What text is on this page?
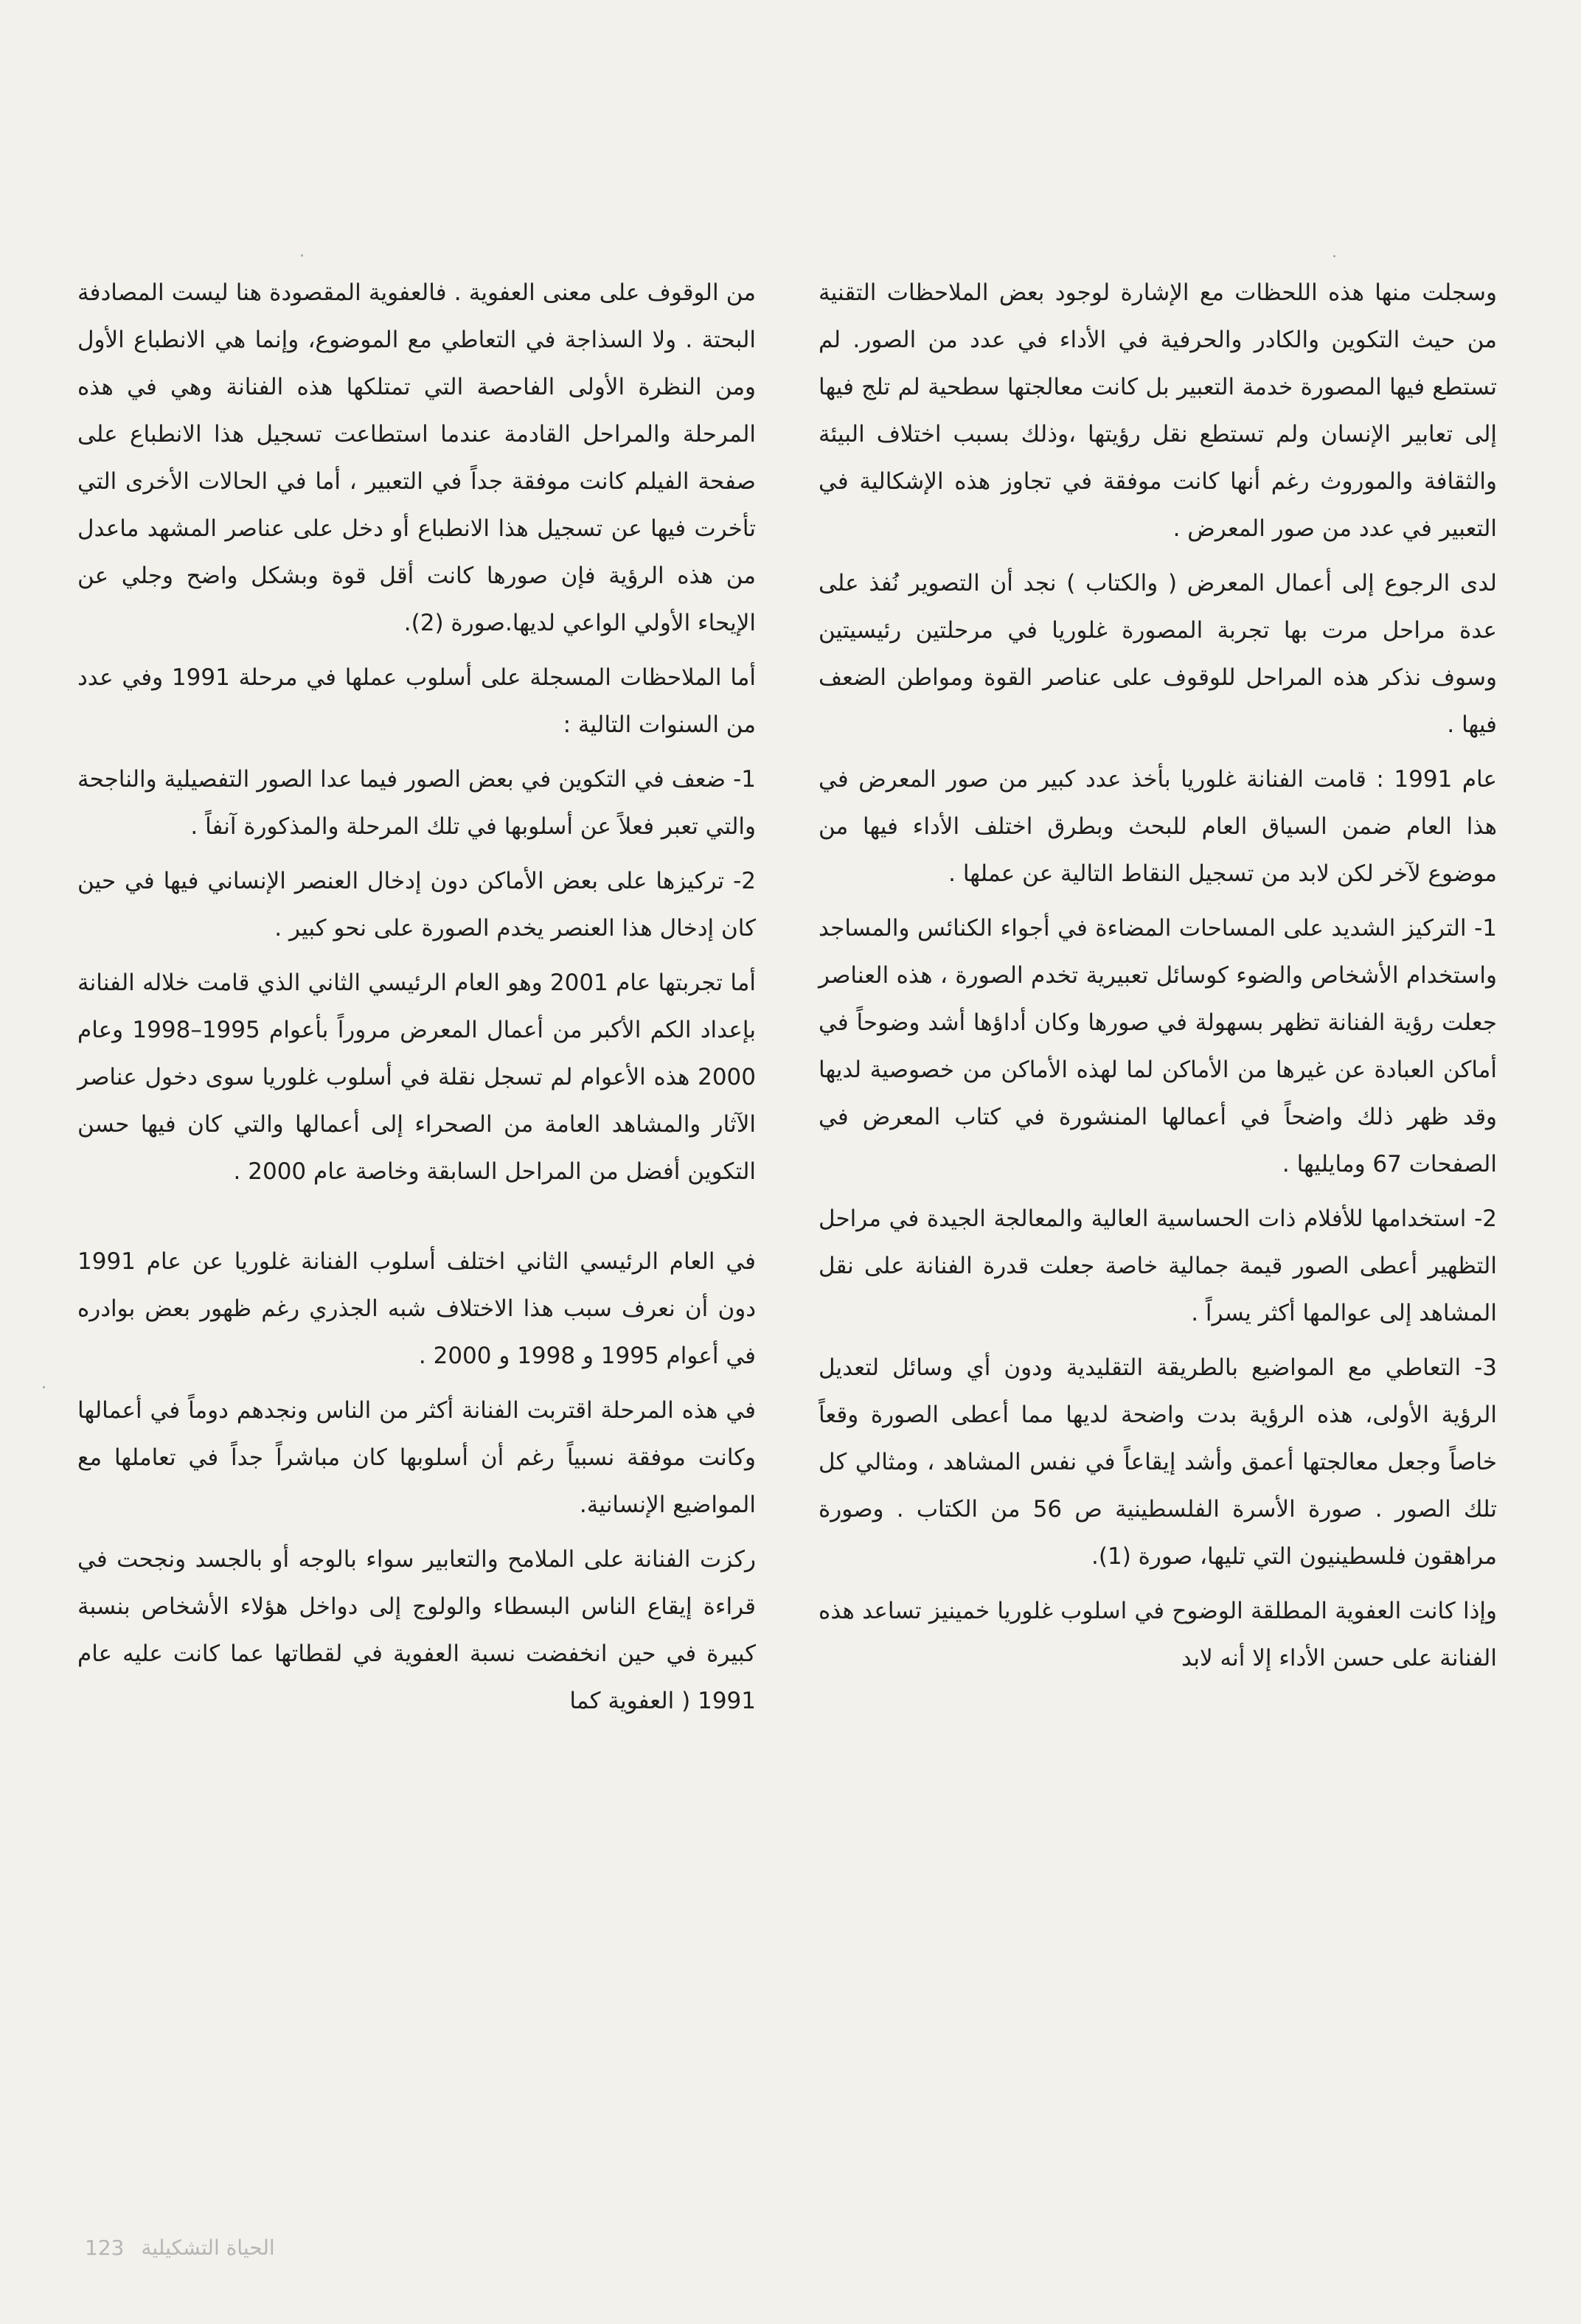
وسجلت منها هذه اللحظات مع الإشارة لوجود بعض الملاحظات التقنية من حيث التكوين والكادر والحرفية في الأداء في عدد من الصور. لم تستطع فيها المصورة خدمة التعبير بل كانت معالجتها سطحية لم تلج فيها إلى تعابير الإنسان ولم تستطع نقل رؤيتها ،وذلك بسبب اختلاف البيئة والثقافة والموروث رغم أنها كانت موفقة في تجاوز هذه الإشكالية في التعبير في عدد من صور المعرض .

لدى الرجوع إلى أعمال المعرض ( والكتاب ) نجد أن التصوير نُفذ على عدة مراحل مرت بها تجربة المصورة غلوريا في مرحلتين رئيسيتين وسوف نذكر هذه المراحل للوقوف على عناصر القوة ومواطن الضعف فيها .

عام 1991 : قامت الفنانة غلوريا بأخذ عدد كبير من صور المعرض في هذا العام ضمن السياق العام للبحث وبطرق اختلف الأداء فيها من موضوع لآخر لكن لابد من تسجيل النقاط التالية عن عملها .

1- التركيز الشديد على المساحات المضاءة في أجواء الكنائس والمساجد واستخدام الأشخاص والضوء كوسائل تعبيرية تخدم الصورة ، هذه العناصر جعلت رؤية الفنانة تظهر بسهولة في صورها وكان أداؤها أشد وضوحاً في أماكن العبادة عن غيرها من الأماكن لما لهذه الأماكن من خصوصية لديها وقد ظهر ذلك واضحاً في أعمالها المنشورة في كتاب المعرض في الصفحات 67 ومايليها .

2- استخدامها للأفلام ذات الحساسية العالية والمعالجة الجيدة في مراحل التظهير أعطى الصور قيمة جمالية خاصة جعلت قدرة الفنانة على نقل المشاهد إلى عوالمها أكثر يسراً .

3- التعاطي مع المواضيع بالطريقة التقليدية ودون أي وسائل لتعديل الرؤية الأولى، هذه الرؤية بدت واضحة لديها مما أعطى الصورة وقعاً خاصاً وجعل معالجتها أعمق وأشد إيقاعاً في نفس المشاهد ، ومثالي كل تلك الصور . صورة الأسرة الفلسطينية ص 56 من الكتاب . وصورة مراهقون فلسطينيون التي تليها، صورة (1).

وإذا كانت العفوية المطلقة الوضوح في اسلوب غلوريا خمينيز تساعد هذه الفنانة على حسن الأداء إلا أنه لابد

من الوقوف على معنى العفوية . فالعفوية المقصودة هنا ليست المصادفة البحتة . ولا السذاجة في التعاطي مع الموضوع، وإنما هي الانطباع الأول ومن النظرة الأولى الفاحصة التي تمتلكها هذه الفنانة وهي في هذه المرحلة والمراحل القادمة عندما استطاعت تسجيل هذا الانطباع على صفحة الفيلم كانت موفقة جداً في التعبير ، أما في الحالات الأخرى التي تأخرت فيها عن تسجيل هذا الانطباع أو دخل على عناصر المشهد ماعدل من هذه الرؤية فإن صورها كانت أقل قوة وبشكل واضح وجلي عن الإيحاء الأولي الواعي لديها.صورة (2).

أما الملاحظات المسجلة على أسلوب عملها في مرحلة 1991 وفي عدد من السنوات التالية :

1- ضعف في التكوين في بعض الصور فيما عدا الصور التفصيلية والناجحة والتي تعبر فعلاً عن أسلوبها في تلك المرحلة والمذكورة آنفاً .

2- تركيزها على بعض الأماكن دون إدخال العنصر الإنساني فيها في حين كان إدخال هذا العنصر يخدم الصورة على نحو كبير .

أما تجربتها عام 2001 وهو العام الرئيسي الثاني الذي قامت خلاله الفنانة بإعداد الكم الأكبر من أعمال المعرض مروراً بأعوام 1995–1998 وعام 2000 هذه الأعوام لم تسجل نقلة في أسلوب غلوريا سوى دخول عناصر الآثار والمشاهد العامة من الصحراء إلى أعمالها والتي كان فيها حسن التكوين أفضل من المراحل السابقة وخاصة عام 2000 .

في العام الرئيسي الثاني اختلف أسلوب الفنانة غلوريا عن عام 1991 دون أن نعرف سبب هذا الاختلاف شبه الجذري رغم ظهور بعض بوادره في أعوام 1995 و 1998 و 2000 .

في هذه المرحلة اقتربت الفنانة أكثر من الناس ونجدهم دوماً في أعمالها وكانت موفقة نسبياً رغم أن أسلوبها كان مباشراً جداً في تعاملها مع المواضيع الإنسانية.

ركزت الفنانة على الملامح والتعابير سواء بالوجه أو بالجسد ونجحت في قراءة إيقاع الناس البسطاء والولوج إلى دواخل هؤلاء الأشخاص بنسبة كبيرة في حين انخفضت نسبة العفوية في لقطاتها عما كانت عليه عام 1991 ( العفوية كما

الحياة التشكيلية 123
